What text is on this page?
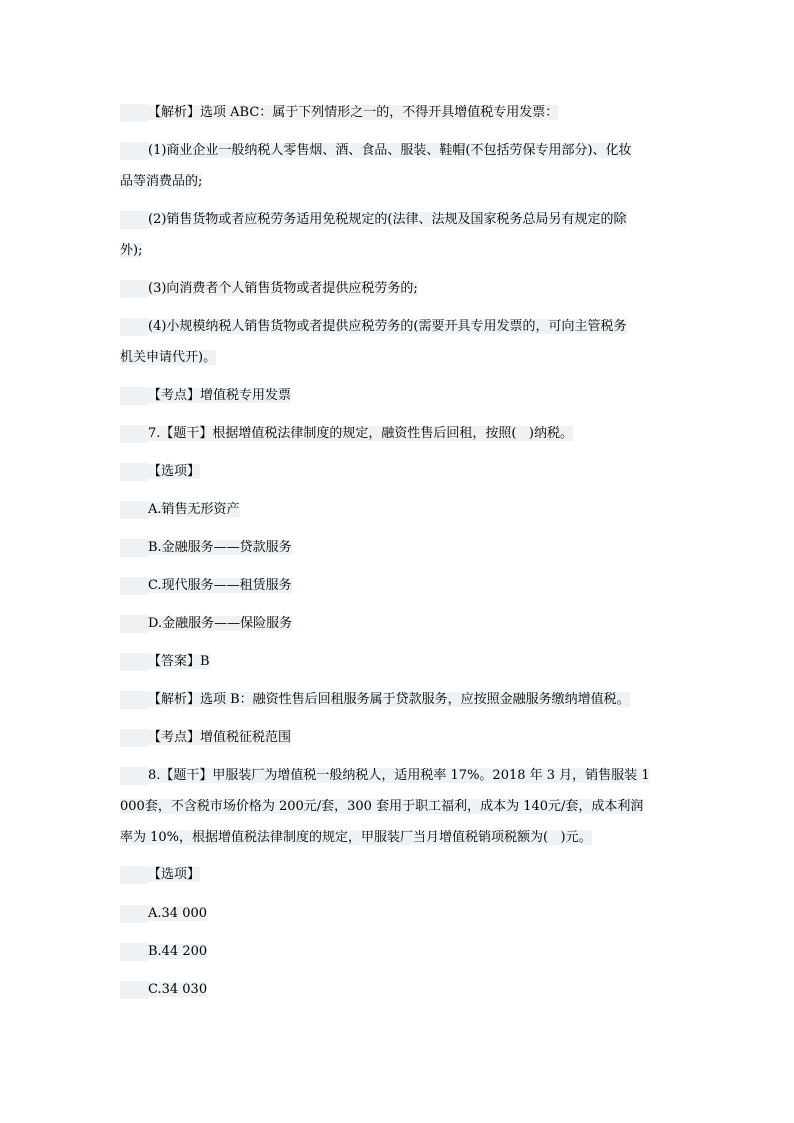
【解析】选项 ABC：属于下列情形之一的，不得开具增值税专用发票：
(1)商业企业一般纳税人零售烟、酒、食品、服装、鞋帽(不包括劳保专用部分)、化妆
品等消费品的;
(2)销售货物或者应税劳务适用免税规定的(法律、法规及国家税务总局另有规定的除
外);
(3)向消费者个人销售货物或者提供应税劳务的;
(4)小规模纳税人销售货物或者提供应税劳务的(需要开具专用发票的，可向主管税务
机关申请代开)。
【考点】增值税专用发票
7.【题干】根据增值税法律制度的规定，融资性售后回租，按照(   )纳税。
【选项】
A.销售无形资产
B.金融服务——贷款服务
C.现代服务——租赁服务
D.金融服务——保险服务
【答案】B
【解析】选项 B：融资性售后回租服务属于贷款服务，应按照金融服务缴纳增值税。
【考点】增值税征税范围
8.【题干】甲服装厂为增值税一般纳税人，适用税率 17%。2018 年 3 月，销售服装 1
000套，不含税市场价格为 200元/套，300 套用于职工福利，成本为 140元/套，成本利润
率为 10%，根据增值税法律制度的规定，甲服装厂当月增值税销项税额为(   )元。
【选项】
A.34 000
B.44 200
C.34 030
